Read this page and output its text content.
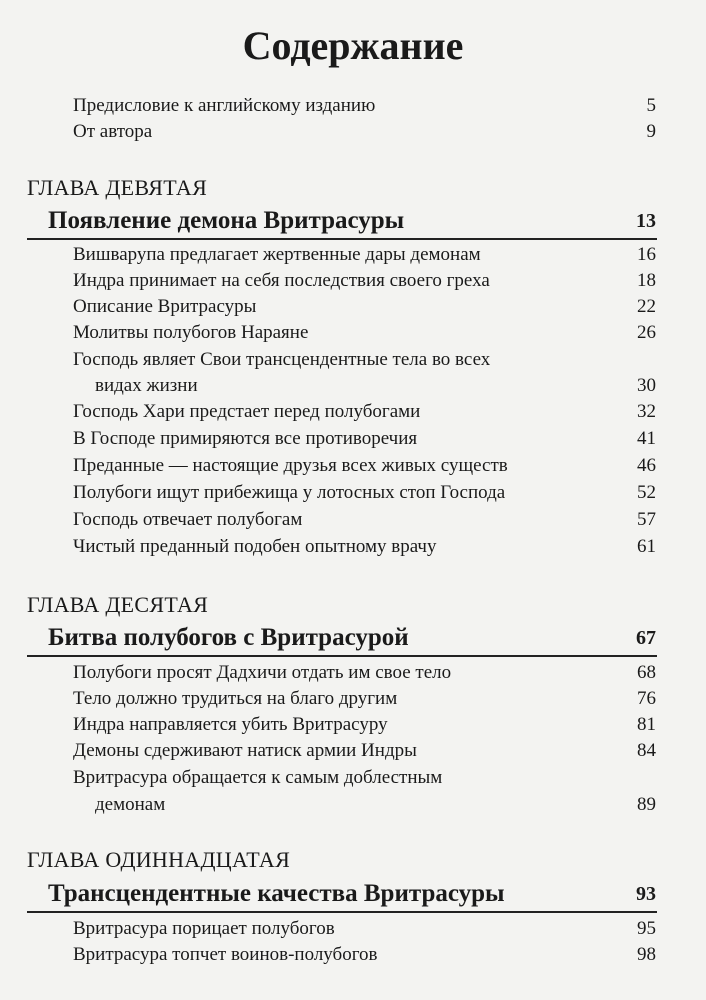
Содержание
Предисловие к английскому изданию	5
От автора	9
ГЛАВА ДЕВЯТАЯ
Появление демона Вритрасуры	13
Вишварупа предлагает жертвенные дары демонам	16
Индра принимает на себя последствия своего греха	18
Описание Вритрасуры	22
Молитвы полубогов Нараяне	26
Господь являет Свои трансцендентные тела во всех
видах жизни	30
Господь Хари предстает перед полубогами	32
В Господе примиряются все противоречия	41
Преданные — настоящие друзья всех живых существ	46
Полубоги ищут прибежища у лотосных стоп Господа	52
Господь отвечает полубогам	57
Чистый преданный подобен опытному врачу	61
ГЛАВА ДЕСЯТАЯ
Битва полубогов с Вритрасурой	67
Полубоги просят Дадхичи отдать им свое тело	68
Тело должно трудиться на благо другим	76
Индра направляется убить Вритрасуру	81
Демоны сдерживают натиск армии Индры	84
Вритрасура обращается к самым доблестным
демонам	89
ГЛАВА ОДИННАДЦАТАЯ
Трансцендентные качества Вритрасуры	93
Вритрасура порицает полубогов	95
Вритрасура топчет воинов-полубогов	98
